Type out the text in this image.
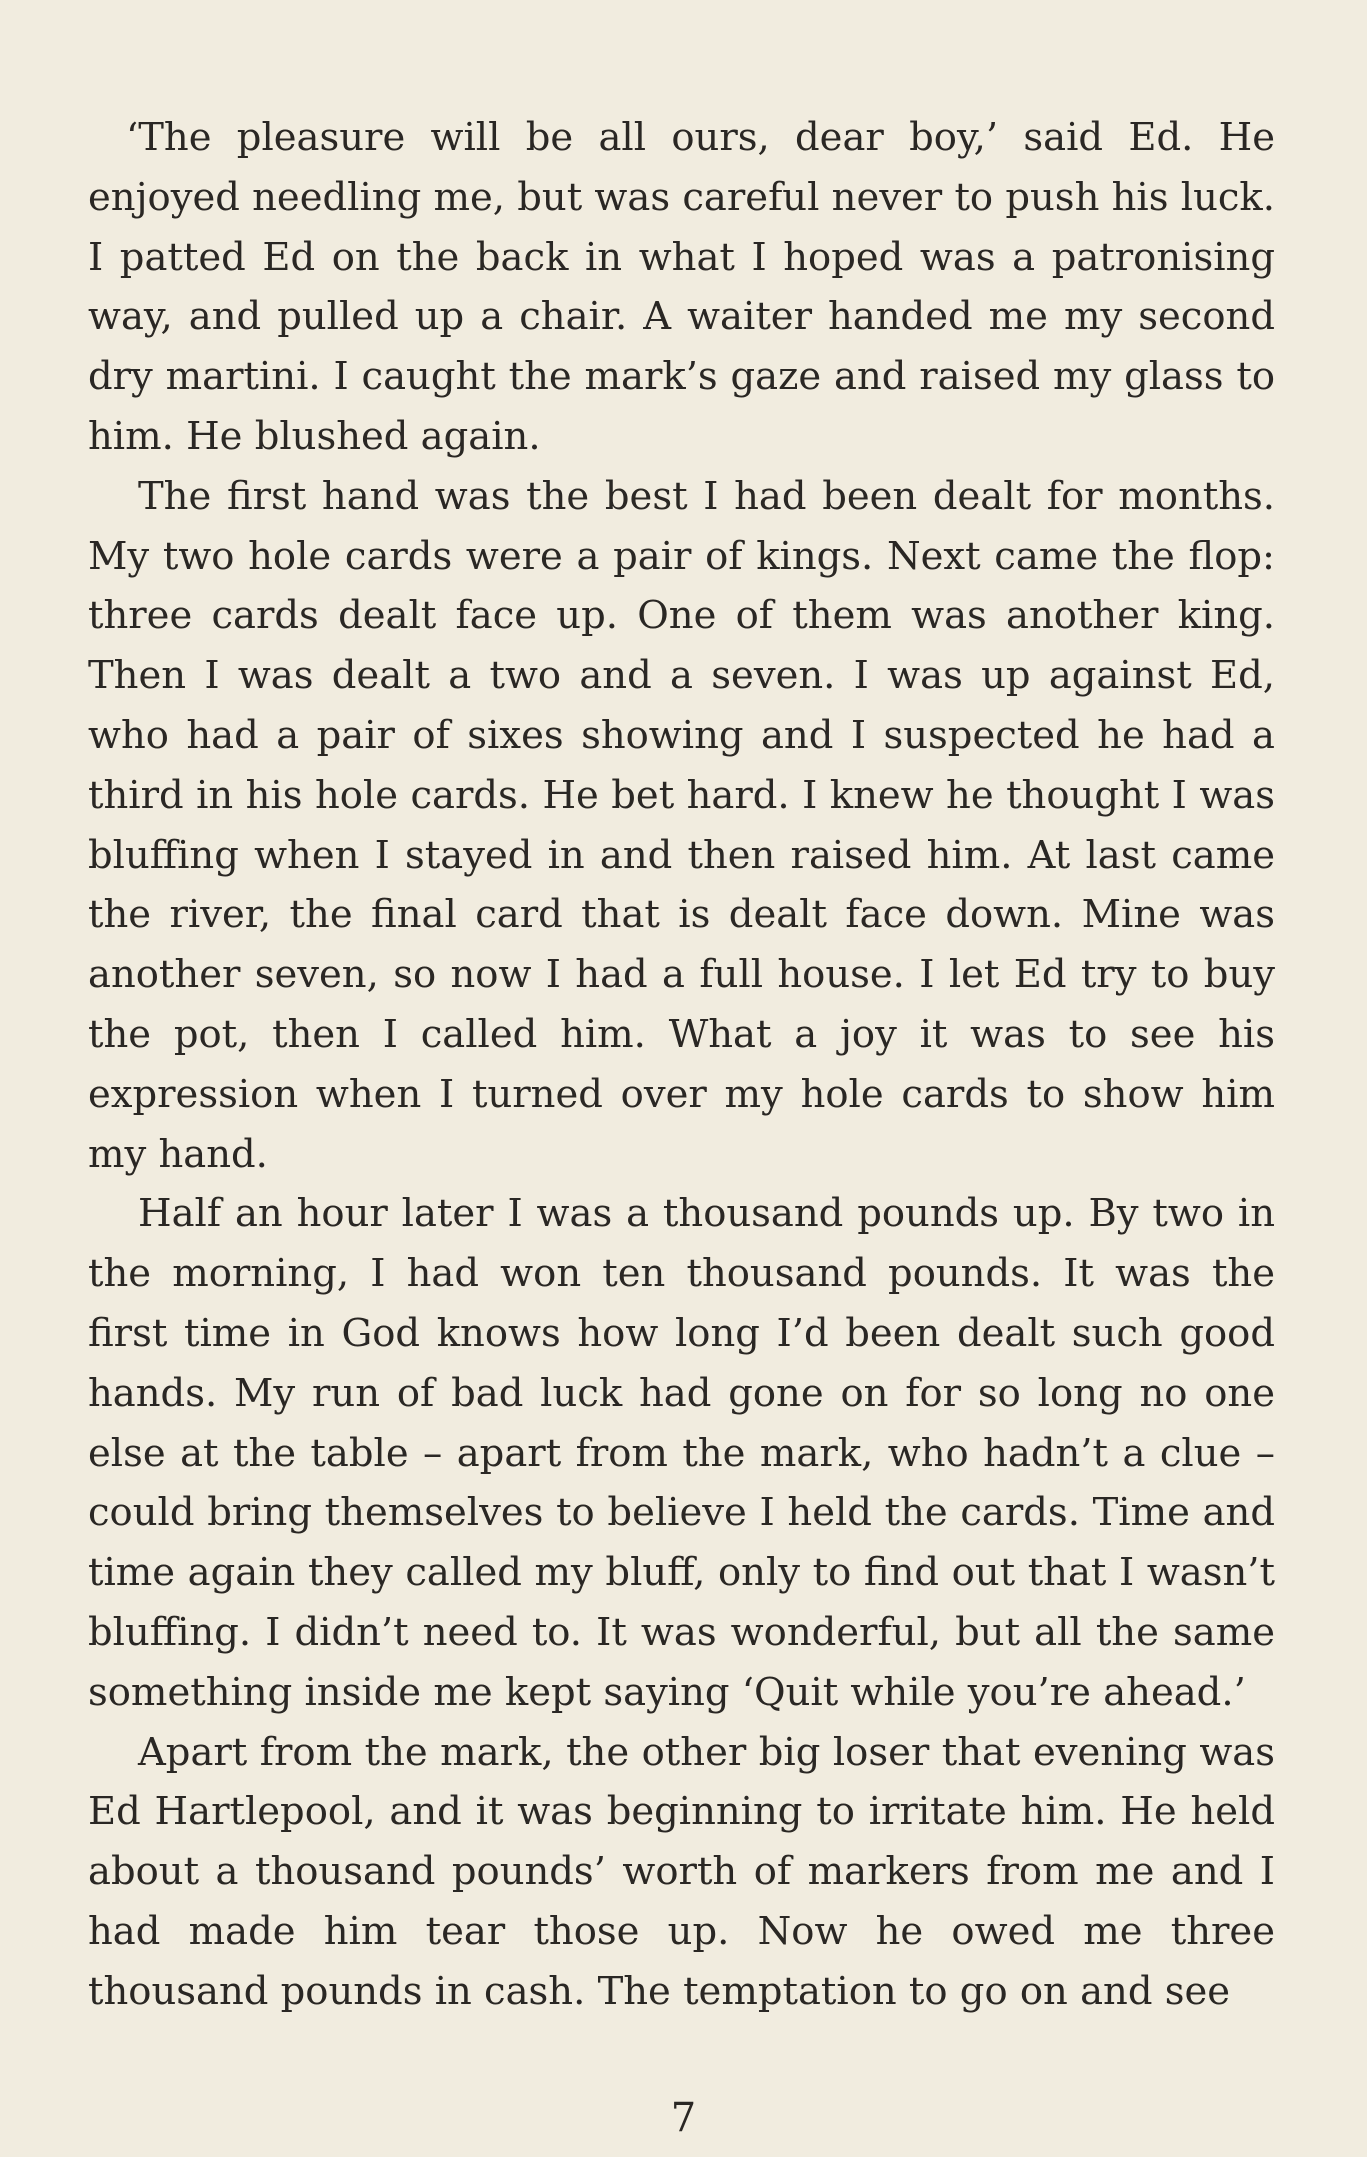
‘The pleasure will be all ours, dear boy,’ said Ed. He enjoyed needling me, but was careful never to push his luck. I patted Ed on the back in what I hoped was a patronising way, and pulled up a chair. A waiter handed me my second dry martini. I caught the mark’s gaze and raised my glass to him. He blushed again.

The first hand was the best I had been dealt for months. My two hole cards were a pair of kings. Next came the flop: three cards dealt face up. One of them was another king. Then I was dealt a two and a seven. I was up against Ed, who had a pair of sixes showing and I suspected he had a third in his hole cards. He bet hard. I knew he thought I was bluffing when I stayed in and then raised him. At last came the river, the final card that is dealt face down. Mine was another seven, so now I had a full house. I let Ed try to buy the pot, then I called him. What a joy it was to see his expression when I turned over my hole cards to show him my hand.

Half an hour later I was a thousand pounds up. By two in the morning, I had won ten thousand pounds. It was the first time in God knows how long I’d been dealt such good hands. My run of bad luck had gone on for so long no one else at the table – apart from the mark, who hadn’t a clue – could bring themselves to believe I held the cards. Time and time again they called my bluff, only to find out that I wasn’t bluffing. I didn’t need to. It was wonderful, but all the same something inside me kept saying ‘Quit while you’re ahead.’

Apart from the mark, the other big loser that evening was Ed Hartlepool, and it was beginning to irritate him. He held about a thousand pounds’ worth of markers from me and I had made him tear those up. Now he owed me three thousand pounds in cash. The temptation to go on and see

7
